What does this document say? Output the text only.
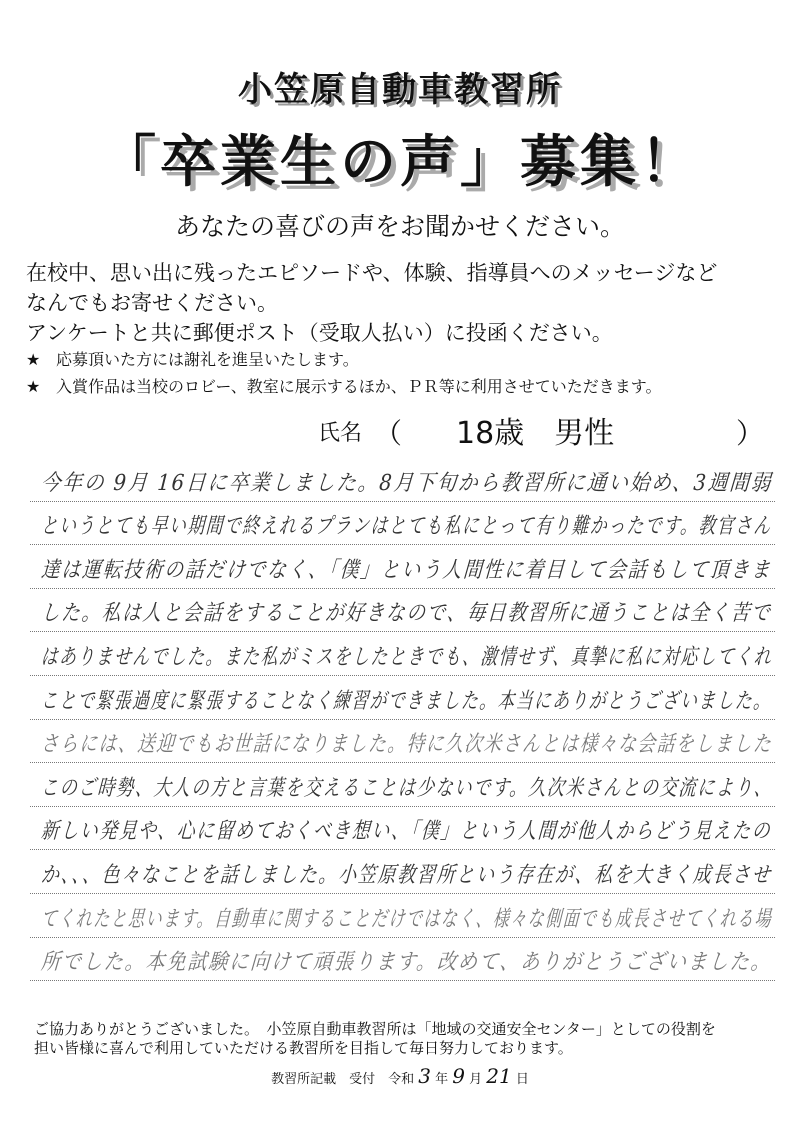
小笠原自動車教習所
「卒業生の声」募集！
あなたの喜びの声をお聞かせください。
在校中、思い出に残ったエピソードや、体験、指導員へのメッセージなど
なんでもお寄せください。
アンケートと共に郵便ポスト（受取人払い）に投函ください。
★ 応募頂いた方には謝礼を進呈いたします。
★ 入賞作品は当校のロビー、教室に展示するほか、ＰＲ等に利用させていただきます。
氏名 （ 18歳　男性	）
今年の 9月 16日に卒業しました。8月下旬から教習所に通い始め、3週間弱
というとても早い期間で終えれるプランはとても私にとって有り難かったです。教官さん
達は運転技術の話だけでなく、「僕」という人間性に着目して会話もして頂きま
した。私は人と会話をすることが好きなので、毎日教習所に通うことは全く苦で
はありませんでした。また私がミスをしたときでも、激情せず、真摯に私に対応してくれ
ことで緊張過度に緊張することなく練習ができました。本当にありがとうございました。
さらには、送迎でもお世話になりました。特に久次米さんとは様々な会話をしました
このご時勢、大人の方と言葉を交えることは少ないです。久次米さんとの交流により、
新しい発見や、心に留めておくべき想い、「僕」という人間が他人からどう見えたの
か、、、色々なことを話しました。小笠原教習所という存在が、私を大きく成長させ
てくれたと思います。自動車に関することだけではなく、様々な側面でも成長させてくれる場
所でした。本免試験に向けて頑張ります。改めて、ありがとうございました。
ご協力ありがとうございました。　小笠原自動車教習所は「地域の交通安全センター」としての役割を
担い皆様に喜んで利用していただける教習所を目指して毎日努力しております。
教習所記載　受付　令和 3 年 9 月 21 日
